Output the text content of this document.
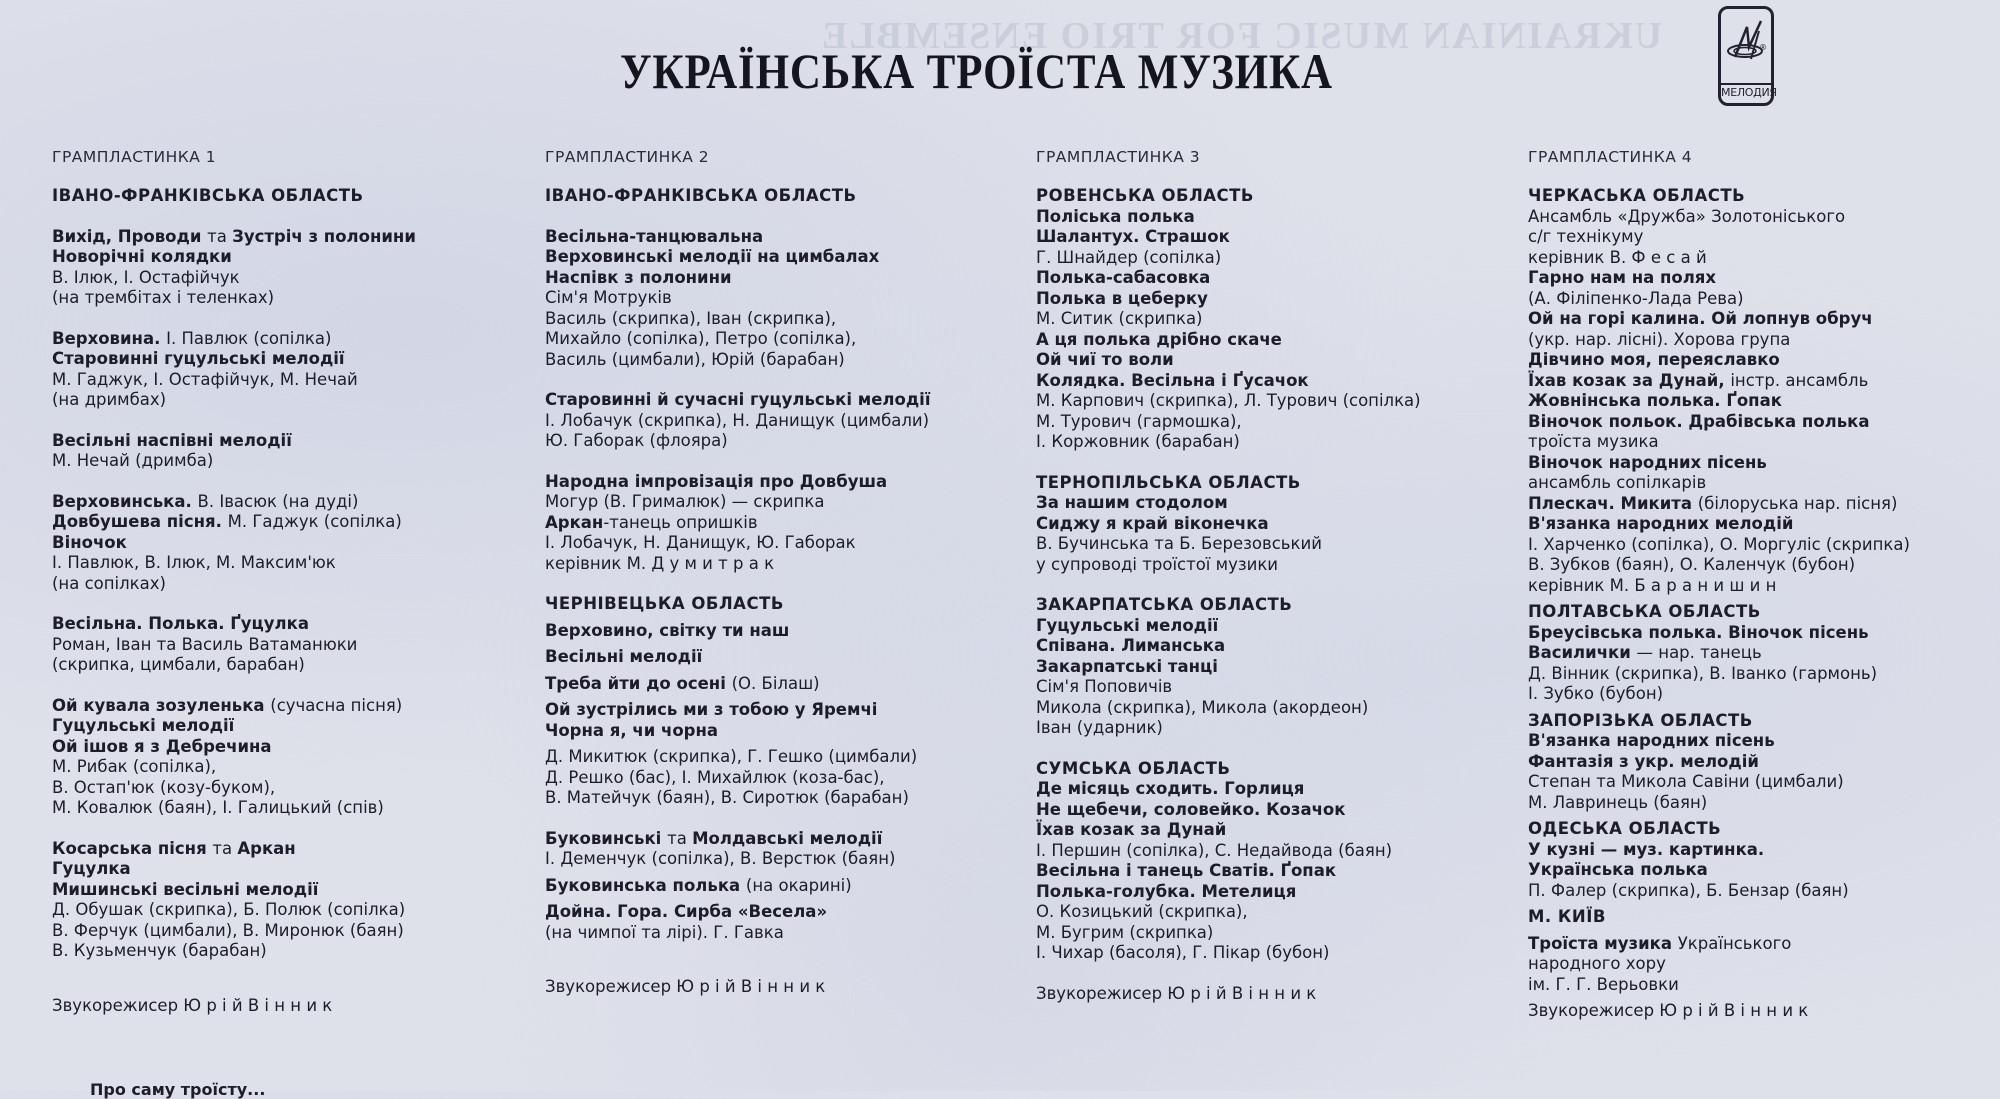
UKRAINIAN MUSIC FOR TRIO ENSEMBLE
УКРАЇНСЬКА ТРОЇСТА МУЗИКА	®
МЕЛОДИЯ
ГРАМПЛАСТИНКА 1
ІВАНО-ФРАНКІВСЬКА ОБЛАСТЬ
Вихід, Проводи та Зустріч з полонини
Новорічні колядки
В. Ілюк, І. Остафійчук
(на трембітах і теленках)
Верховина. І. Павлюк (сопілка)
Старовинні гуцульські мелодії
М. Гаджук, І. Остафійчук, М. Нечай
(на дримбах)
Весільні наспівні мелодії
М. Нечай (дримба)
Верховинська. В. Івасюк (на дуді)
Довбушева пісня. М. Гаджук (сопілка)
Віночок
І. Павлюк, В. Ілюк, М. Максим'юк
(на сопілках)
Весільна. Полька. Ґуцулка
Роман, Іван та Василь Ватаманюки
(скрипка, цимбали, барабан)
Ой кувала зозуленька (сучасна пісня)
Гуцульські мелодії
Ой ішов я з Дебречина
М. Рибак (сопілка),
В. Остап'юк (козу-буком),
М. Ковалюк (баян), І. Галицький (спів)
Косарська пісня та Аркан
Гуцулка
Мишинські весільні мелодії
Д. Обушак (скрипка), Б. Полюк (сопілка)
В. Ферчук (цимбали), В. Миронюк (баян)
В. Кузьменчук (барабан)
Звукорежисер Ю р і й В і н н и к
ГРАМПЛАСТИНКА 2
ІВАНО-ФРАНКІВСЬКА ОБЛАСТЬ
Весільна-танцювальна
Верховинські мелодії на цимбалах
Наспівк з полонини
Сім'я Мотруків
Василь (скрипка), Іван (скрипка),
Михайло (сопілка), Петро (сопілка),
Василь (цимбали), Юрій (барабан)
Старовинні й сучасні гуцульські мелодії
І. Лобачук (скрипка), Н. Данищук (цимбали)
Ю. Габорак (флояра)
Народна імпровізація про Довбуша
Могур (В. Грималюк) — скрипка
Аркан-танець опришків
І. Лобачук, Н. Данищук, Ю. Габорак
керівник М. Д у м и т р а к
ЧЕРНІВЕЦЬКА ОБЛАСТЬ
Верховино, світку ти наш
Весільні мелодії
Треба йти до осені (О. Білаш)
Ой зустрілись ми з тобою у Яремчі
Чорна я, чи чорна
Д. Микитюк (скрипка), Г. Гешко (цимбали)
Д. Решко (бас), І. Михайлюк (коза-бас),
В. Матейчук (баян), В. Сиротюк (барабан)
Буковинські та Молдавські мелодії
І. Деменчук (сопілка), В. Верстюк (баян)
Буковинська полька (на окарині)
Дойна. Гора. Сирба «Весела»
(на чимпої та лірі). Г. Гавка
Звукорежисер Ю р і й В і н н и к
ГРАМПЛАСТИНКА 3
РОВЕНСЬКА ОБЛАСТЬ
Поліська полька
Шалантух. Страшок
Г. Шнайдер (сопілка)
Полька-сабасовка
Полька в цеберку
М. Ситик (скрипка)
А ця полька дрібно скаче
Ой чиї то воли
Колядка. Весільна і Ґусачок
М. Карпович (скрипка), Л. Турович (сопілка)
М. Турович (гармошка),
І. Коржовник (барабан)
ТЕРНОПІЛЬСЬКА ОБЛАСТЬ
За нашим стодолом
Сиджу я край віконечка
В. Бучинська та Б. Березовський
у супроводі троїстої музики
ЗАКАРПАТСЬКА ОБЛАСТЬ
Гуцульські мелодії
Співана. Лиманська
Закарпатські танці
Сім'я Поповичів
Микола (скрипка), Микола (акордеон)
Іван (ударник)
СУМСЬКА ОБЛАСТЬ
Де місяць сходить. Горлиця
Не щебечи, соловейко. Козачок
Їхав козак за Дунай
І. Першин (сопілка), С. Недайвода (баян)
Весільна і танець Сватів. Ґопак
Полька-голубка. Метелиця
О. Козицький (скрипка),
М. Бугрим (скрипка)
І. Чихар (басоля), Г. Пікар (бубон)
Звукорежисер Ю р і й В і н н и к
ГРАМПЛАСТИНКА 4
ЧЕРКАСЬКА ОБЛАСТЬ
Ансамбль «Дружба» Золотоніського
с/г технікуму
керівник В. Ф е с а й
Гарно нам на полях
(А. Філіпенко-Лада Рева)
Ой на горі калина. Ой лопнув обруч
(укр. нар. лісні). Хорова група
Дівчино моя, переяславко
Їхав козак за Дунай, інстр. ансамбль
Жовнінська полька. Ґопак
Віночок польок. Драбівська полька
троїста музика
Віночок народних пісень
ансамбль сопілкарів
Плескач. Микита (білоруська нар. пісня)
В'язанка народних мелодій
І. Харченко (сопілка), О. Моргуліс (скрипка)
В. Зубков (баян), О. Каленчук (бубон)
керівник М. Б а р а н и ш и н
ПОЛТАВСЬКА ОБЛАСТЬ
Бреусівська полька. Віночок пісень
Василички — нар. танець
Д. Вінник (скрипка), В. Іванко (гармонь)
І. Зубко (бубон)
ЗАПОРІЗЬКА ОБЛАСТЬ
В'язанка народних пісень
Фантазія з укр. мелодій
Степан та Микола Савіни (цимбали)
М. Лавринець (баян)
ОДЕСЬКА ОБЛАСТЬ
У кузні — муз. картинка.
Українська полька
П. Фалер (скрипка), Б. Бензар (баян)
М. КИЇВ
Троїста музика Українського
народного хору
ім. Г. Г. Верьовки
Звукорежисер Ю р і й В і н н и к
Про саму троїсту...
